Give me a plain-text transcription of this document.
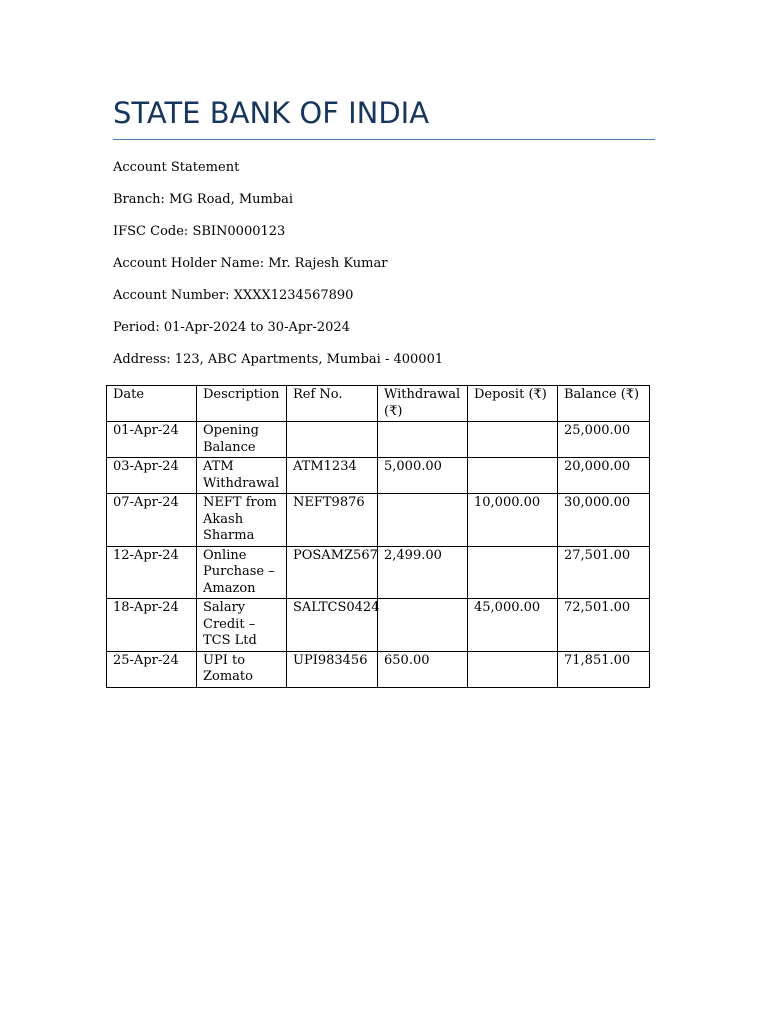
STATE BANK OF INDIA
Account Statement
Branch: MG Road, Mumbai
IFSC Code: SBIN0000123
Account Holder Name: Mr. Rajesh Kumar
Account Number: XXXX1234567890
Period: 01-Apr-2024 to 30-Apr-2024
Address: 123, ABC Apartments, Mumbai - 400001
Date	Description	Ref No.	Withdrawal (₹)	Deposit (₹)	Balance (₹)
01-Apr-24	Opening Balance				25,000.00
03-Apr-24	ATM Withdrawal	ATM1234	5,000.00		20,000.00
07-Apr-24	NEFT from Akash Sharma	NEFT9876		10,000.00	30,000.00
12-Apr-24	Online Purchase – Amazon	POSAMZ567	2,499.00		27,501.00
18-Apr-24	Salary Credit – TCS Ltd	SALTCS0424		45,000.00	72,501.00
25-Apr-24	UPI to Zomato	UPI983456	650.00		71,851.00
